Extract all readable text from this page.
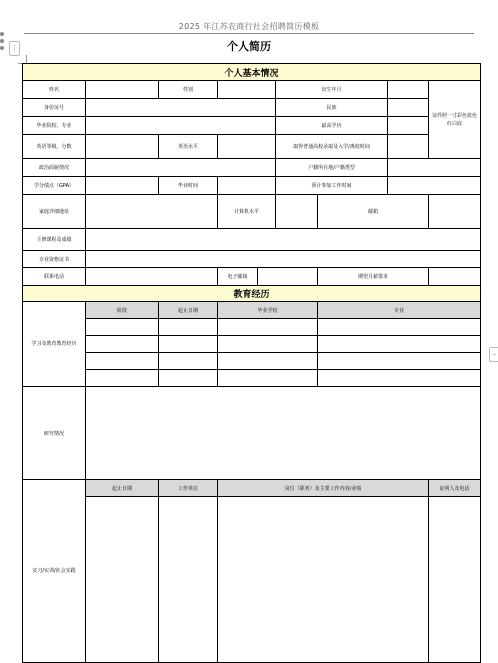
⋮
–
2025 年江苏农商行社会招聘简历模板
个人简历
个人基本情况								
姓名		性别			出生年月			证件照一寸彩色蓝色红白底
身份证号					民族			
毕业院校、专业					最高学历			
英语等级、分数		英语水平			取得普通高校录取及入学/离校时间			
政治面貌情况					户籍所在地/户籍类型			
学分绩点（GPA）		毕业时间			预计参加工作时间			
家庭详细地址			计算机水平			邮箱		
主修课程及成绩								
专业资格证书								
联系电话			电子邮箱			期望月薪要求		
教育经历								
学习及教育教育经历	阶段	起止日期	毕业学校			专业		

研究情况								
实习/实训/社会实践	起止日期	工作单位	岗位（职务）及主要工作内容/业绩					证明人及电话
